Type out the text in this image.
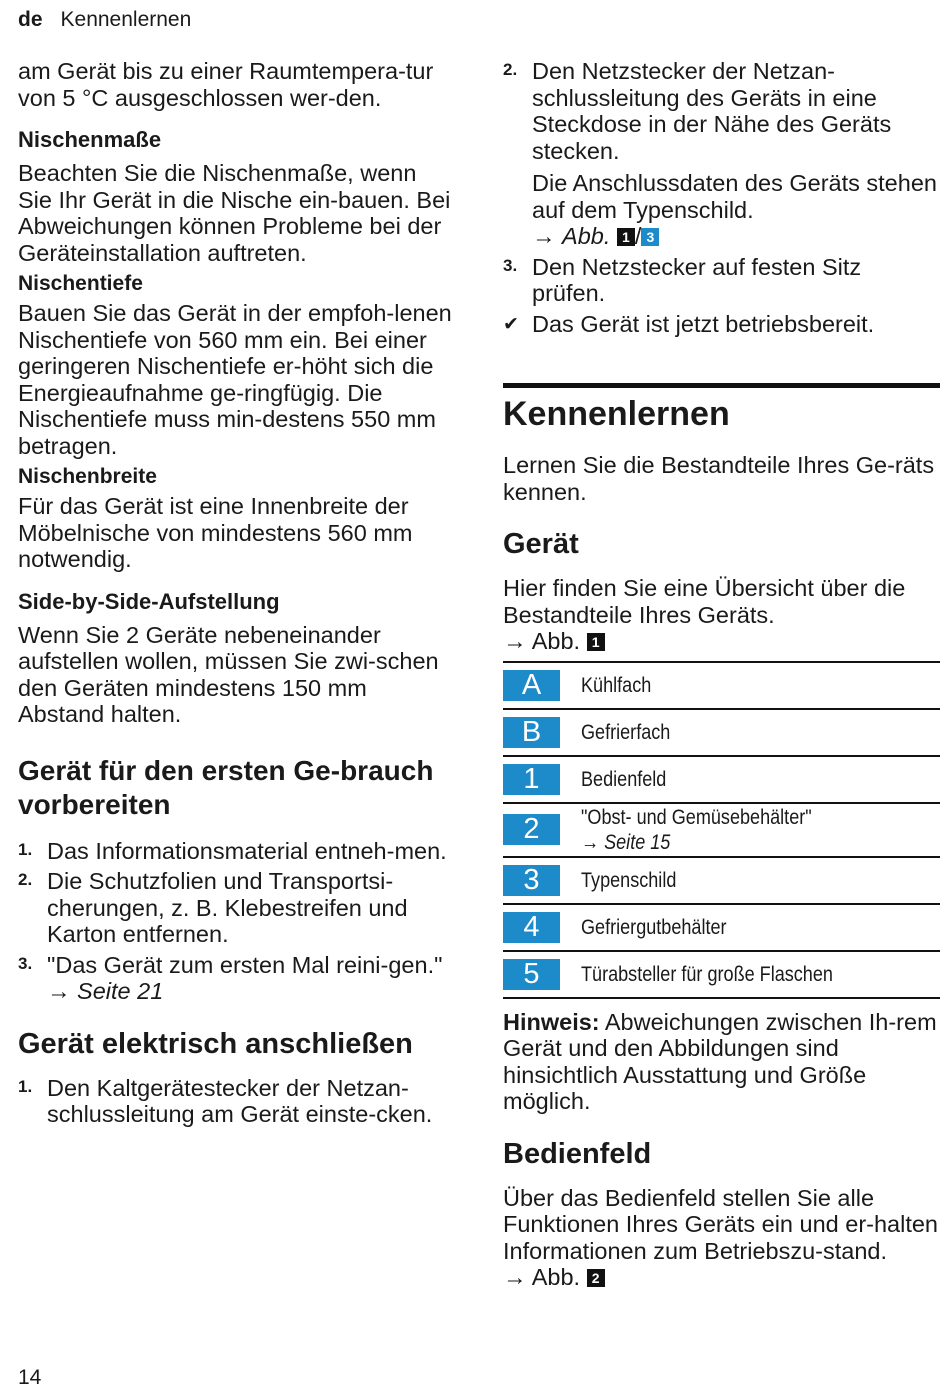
de Kennenlernen

am Gerät bis zu einer Raumtempera-tur von 5 °C ausgeschlossen wer-den.

Nischenmaße

Beachten Sie die Nischenmaße, wenn Sie Ihr Gerät in die Nische ein-bauen. Bei Abweichungen können Probleme bei der Geräteinstallation auftreten.

Nischentiefe

Bauen Sie das Gerät in der empfoh-lenen Nischentiefe von 560 mm ein. Bei einer geringeren Nischentiefe er-höht sich die Energieaufnahme ge-ringfügig. Die Nischentiefe muss min-destens 550 mm betragen.

Nischenbreite

Für das Gerät ist eine Innenbreite der Möbelnische von mindestens 560 mm notwendig.

Side-by-Side-Aufstellung

Wenn Sie 2 Geräte nebeneinander aufstellen wollen, müssen Sie zwi-schen den Geräten mindestens 150 mm Abstand halten.

Gerät für den ersten Ge-brauch vorbereiten
1. Das Informationsmaterial entneh-men.

2. Die Schutzfolien und Transportsi-cherungen, z. B. Klebestreifen und Karton entfernen.

3. "Das Gerät zum ersten Mal reini-gen." → Seite 21

Gerät elektrisch anschließen
1. Den Kaltgerätestecker der Netzan-schlussleitung am Gerät einste-cken.

2. Den Netzstecker der Netzan-schlussleitung des Geräts in eine Steckdose in der Nähe des Geräts stecken.

Die Anschlussdaten des Geräts stehen auf dem Typenschild.

→ Abb. 1 / 3

3. Den Netzstecker auf festen Sitz prüfen.

✔ Das Gerät ist jetzt betriebsbereit.

Kennenlernen

Lernen Sie die Bestandteile Ihres Ge-räts kennen.

Gerät

Hier finden Sie eine Übersicht über die Bestandteile Ihres Geräts.

→ Abb. 1

A	Kühlfach
B	Gefrierfach
1	Bedienfeld
2	"Obst- und Gemüsebehälter"
→ Seite 15
3	Typenschild
4	Gefriergutbehälter
5	Türabsteller für große Flaschen

Hinweis: Abweichungen zwischen Ih-rem Gerät und den Abbildungen sind hinsichtlich Ausstattung und Größe möglich.

Bedienfeld

Über das Bedienfeld stellen Sie alle Funktionen Ihres Geräts ein und er-halten Informationen zum Betriebszu-stand.

→ Abb. 2

14
